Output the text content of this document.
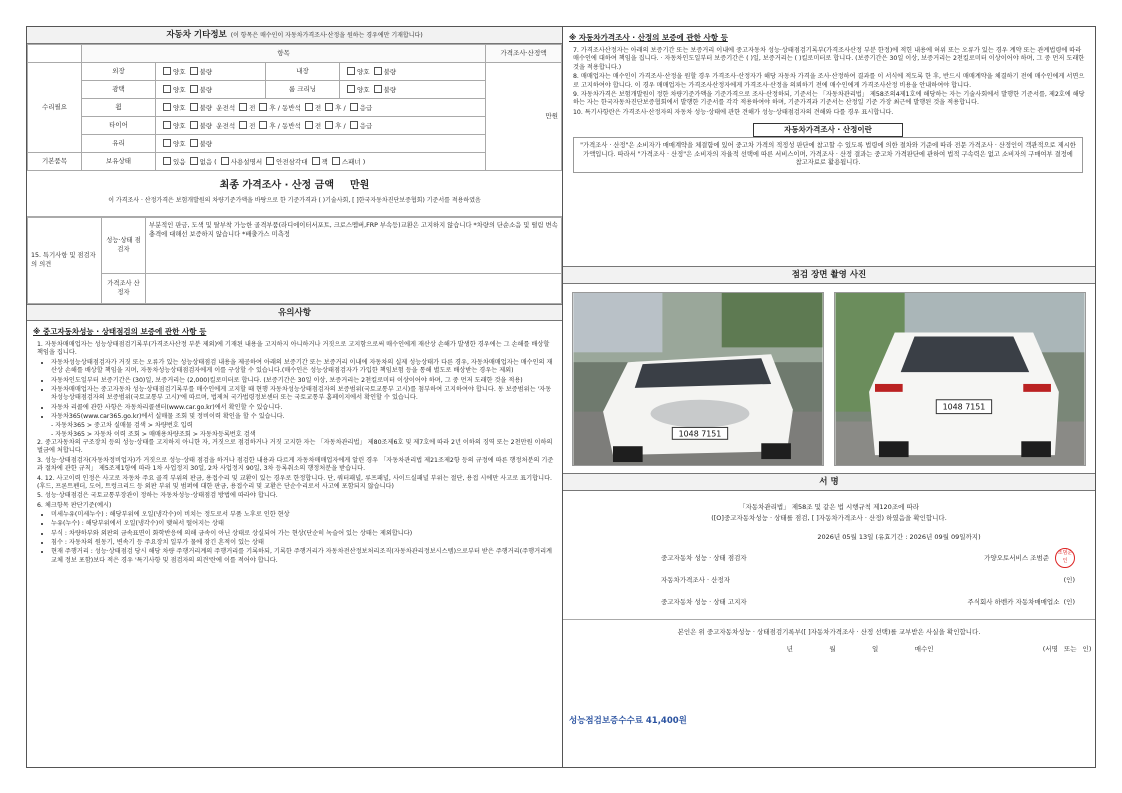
자동차 기타정보 (이 항목은 매수인이 자동차가격조사·산정을 원하는 경우에만 기재합니다)
	항목				가격조사·산정액
수리필요	외장	양호 불량	내장	양호 불량	만원
	광택	양호 불량	룸 크리닝	양호 불량	
	휠	양호 불량 운전석 전 후 / 동반석 전 후 / 응급			
	타이어	양호 불량 운전석 전 후 / 동반석 전 후 / 응급			
	유리	양호 불량			
기본품목	보유상태	있음 없음 ( 사용설명서 안전삼각대 잭 스패너 )			
최종 가격조사 · 산정 금액 만원
이 가격조사 · 산정가격은 보험개발원의 차량기준가액을 바탕으로 한 기준가격과 ( )기술사회, [ ]한국자동차진단보증협회) 기준서를 적용하였음
15. 특기사항 및 점검자의 의견	성능·상태 점검자	부분적인 판금, 도색 및 탈부착 가능한 골격부품(라디에이터서포트, 크로스멤버,FRP 부속등)교환은 고지하지 않습니다 *차량의 단순소음 및 떨림 변속충격에 대해선 보증하지 않습니다 *배출가스 미측정
	가격조사 산정자	
유의사항
※ 중고자동차성능 · 상태점검의 보증에 관한 사항 등
1. 자동차매매업자는 성능상태점검기록부(가격조사산정 부분 제외)에 기재된 내용을 고지하지 아니하거나 거짓으로 고지함으로써 매수인에게 재산상 손해가 발생한 경우에는 그 손해를 배상할 책임을 집니다.
• 자동차성능상태점검자가 거짓 또는 오류가 있는 성능상태점검 내용을 제공하여 아래의 보증기간 또는 보증거리 이내에 자동차의 실제 성능상태가 다른 경우, 자동차매매업자는 매수인의 재산상 손해를 배상할 책임을 지며, 자동차성능상태점검자에게 이를 구상할 수 있습니다.(매수인은 성능상태점검자가 가입한 책임보험 등을 통해 별도로 배상받는 경우는 제외)
• 자동차인도일부터 보증기간은 (30)일, 보증거리는 (2,000)킬로미터로 합니다. (보증기간은 30일 이상, 보증거리는 2천킬로미터 이상이어야 하며, 그 중 먼저 도래한 것을 적용)
• 자동차매매업자는 중고자동차 성능·상태점검기록부를 매수인에게 고지할 때 현행 자동차성능상태점검자의 보증범위(국토교통부 고시)를 첨부하여 고지하여야 합니다. 동 보증범위는 '자동차성능상태점검자의 보증범위(국토교통부 고시)'에 따르며, 법제처 국가법령정보센터 또는 국토교통부 홈페이지에서 확인할 수 있습니다.
• 자동차 리콜에 관한 사항은 자동차리콜센터(www.car.go.kr)에서 확인할 수 있습니다.
• 자동차365(www.car365.go.kr)에서 실매물 조회 및 정비이력 확인을 할 수 있습니다.
- 자동차365 > 중고차 실매물 검색 > 차량번호 입력
- 자동차365 > 자동차 이력 조회 > 매매용차량조회 > 자동차등록번호 검색
2. 중고자동차의 구조장치 등의 성능·상태를 고지하지 아니한 자, 거짓으로 점검하거나 거짓 고지한 자는 「자동차관리법」 제80조제6호 및 제7호에 따라 2년 이하의 징역 또는 2천만원 이하의 벌금에 처합니다.
3. 성능·상태점검자(자동차정비업자)가 거짓으로 성능·상태 점검을 하거나 점검한 내용과 다르게 자동차매매업자에게 알린 경우 「자동차관리법 제21조제2항 등의 규정에 따른 행정처분의 기준과 절차에 관한 규칙」 제5조제1항에 따라 1차 사업정지 30일, 2차 사업정지 90일, 3차 등록취소의 행정처분을 받습니다.
4. 12. 사고이력 인정은 사고로 자동차 주요 골격 부위의 판금, 용접수리 및 교환이 있는 경우로 한정합니다. 단, 쿼터패널, 루프패널, 사이드실패널 부위는 절단, 용접 시에만 사고로 표기합니다. (후드, 프론트펜더, 도어, 트렁크리드 등 외판 부위 및 범퍼에 대한 판금, 용접수리 및 교환은 단순수리로서 사고에 포함되지 않습니다)
5. 성능·상태점검은 국토교통부장관이 정하는 자동차성능·상태점검 방법에 따라야 합니다.
6. 체크항목 판단기준(예시)
• 미세누유(미세누수) : 해당부위에 오일(냉각수)이 비치는 정도로서 부품 노후로 인한 현상
• 누유(누수) : 해당부위에서 오일(냉각수)이 맺혀서 떨어지는 상태
• 부식 : 차량하부와 외판의 금속표면이 화학반응에 의해 금속이 아닌 상태로 상실되어 가는 현상(단순히 녹슬어 있는 상태는 제외합니다)
• 침수 : 자동차의 원동기, 변속기 등 주요장치 일부가 물에 잠긴 흔적이 있는 상태
• 현재 주행거리 : 성능·상태점검 당시 해당 차량 주행거리계의 주행거리를 기록하되, 기록한 주행거리가 자동차전산정보처리조직(자동차관리정보시스템)으로부터 받은 주행거리(주행거리계 교체 정보 포함)보다 적은 경우 '특기사항 및 점검자의 의견'란에 이를 적어야 합니다.
※ 자동차가격조사 · 산정의 보증에 관한 사항 등
7. 가격조사산정자는 아래의 보증기간 또는 보증거리 이내에 중고자동차 성능·상태점검기록부(가격조사산정 부분 한정)에 적힌 내용에 허위 또는 오류가 있는 경우 계약 또는 관계법령에 따라 매수인에 대하여 책임을 집니다. · 자동차인도일부터 보증기간은 ( )일, 보증거리는 ( )킬로미터로 합니다. (보증기간은 30일 이상, 보증거리는 2천킬로미터 이상이어야 하며, 그 중 먼저 도래한 것을 적용합니다.)
8. 매매업자는 매수인이 가격조사·산정을 원할 경우 가격조사·산정자가 해당 자동차 가격을 조사·산정하여 결과를 이 서식에 적도록 한 후, 반드시 매매계약을 체결하기 전에 매수인에게 서면으로 고지하여야 합니다. 이 경우 매매업자는 가격조사산정자에게 가격조사·산정을 의뢰하기 전에 매수인에게 가격조사산정 비용을 안내하여야 합니다.
9. 자동차가격은 보험개발원이 정한 차량기준가액을 기준가격으로 조사·산정하되, 기준서는 「자동차관리법」 제58조의4제1호에 해당하는 자는 기술사회에서 발행한 기준서를, 제2호에 해당하는 자는 한국자동차진단보증협회에서 발행한 기준서를 각각 적용하여야 하며, 기준가격과 기준서는 산정일 기준 가장 최근에 발행된 것을 적용합니다.
10. 특기사항란은 가격조사·산정자의 자동차 성능·상태에 관한 견해가 성능·상태점검자의 견해와 다를 경우 표시합니다.
자동차가격조사 · 산정이란
"가격조사 · 산정"은 소비자가 매매계약을 체결함에 있어 중고차 가격의 적정성 판단에 참고할 수 있도록 법령에 의한 절차와 기준에 따라 전문 가격조사 · 산정인이 객관적으로 제시한 가액입니다. 따라서 "가격조사 · 산정"은 소비자의 자율적 선택에 따른 서비스이며, 가격조사 · 산정 결과는 중고차 가격판단에 관하여 법적 구속력은 없고 소비자의 구매여부 결정에 참고자료로 활용됩니다.
점검 장면 촬영 사진
1048 7151
1048 7151
서 명
「자동차관리법」 제58조 및 같은 법 시행규칙 제120조에 따라
([O]중고자동차성능 · 상태를 점검, [ ]자동차가격조사 · 산정) 하였음을 확인합니다.
2026년 05월 13일 (유효기간 : 2026년 09월 09일까지)
중고자동차 성능 · 상태 점검자	가양오토서비스 조범준조범준인
자동차가격조사 · 산정자	(인)
중고자동차 성능 · 상태 고지자	주식회사 하벤카 자동차매매업소 (인)
본인은 위 중고자동차성능 · 상태점검기록부([ ]자동차가격조사 · 산정 선택)를 교부받은 사실을 확인합니다.
년	월	일	매수인	(서명 또는 인)
성능점검보증수수료 41,400원
